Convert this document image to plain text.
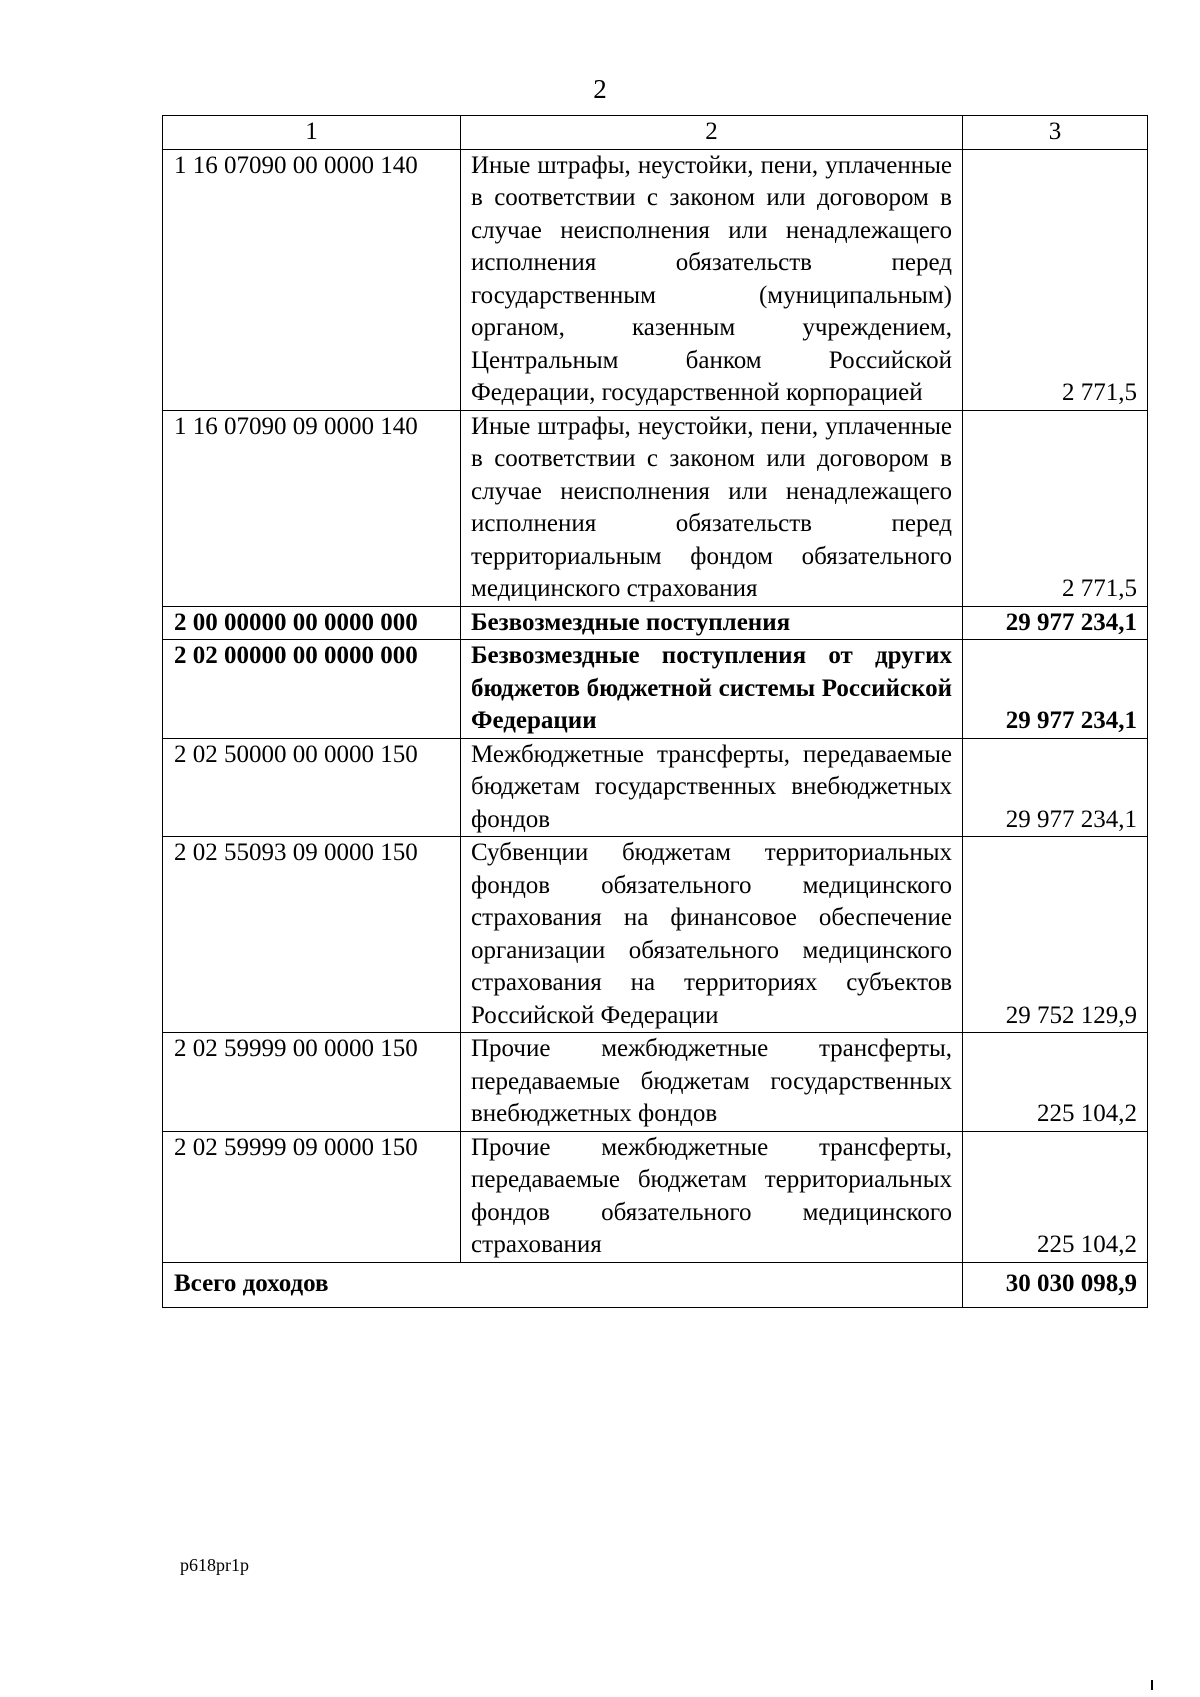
2
1	2	3
1 16 07090 00 0000 140	Иные штрафы, неустойки, пени, уплаченные в соответствии с законом или договором в случае неисполнения или ненадлежащего исполнения обязательств перед государственным (муниципальным) органом, казенным учреждением, Центральным банком Российской Федерации, государственной корпорацией	2 771,5
1 16 07090 09 0000 140	Иные штрафы, неустойки, пени, уплаченные в соответствии с законом или договором в случае неисполнения или ненадлежащего исполнения обязательств перед территориальным фондом обязательного медицинского страхования	2 771,5
2 00 00000 00 0000 000	Безвозмездные поступления	29 977 234,1
2 02 00000 00 0000 000	Безвозмездные поступления от других бюджетов бюджетной системы Российской Федерации	29 977 234,1
2 02 50000 00 0000 150	Межбюджетные трансферты, передаваемые бюджетам государственных внебюджетных фондов	29 977 234,1
2 02 55093 09 0000 150	Субвенции бюджетам территориальных фондов обязательного медицинского страхования на финансовое обеспечение организации обязательного медицинского страхования на территориях субъектов Российской Федерации	29 752 129,9
2 02 59999 00 0000 150	Прочие межбюджетные трансферты, передаваемые бюджетам государственных внебюджетных фондов	225 104,2
2 02 59999 09 0000 150	Прочие межбюджетные трансферты, передаваемые бюджетам территориальных фондов обязательного медицинского страхования	225 104,2
Всего доходов		30 030 098,9
p618pr1p
